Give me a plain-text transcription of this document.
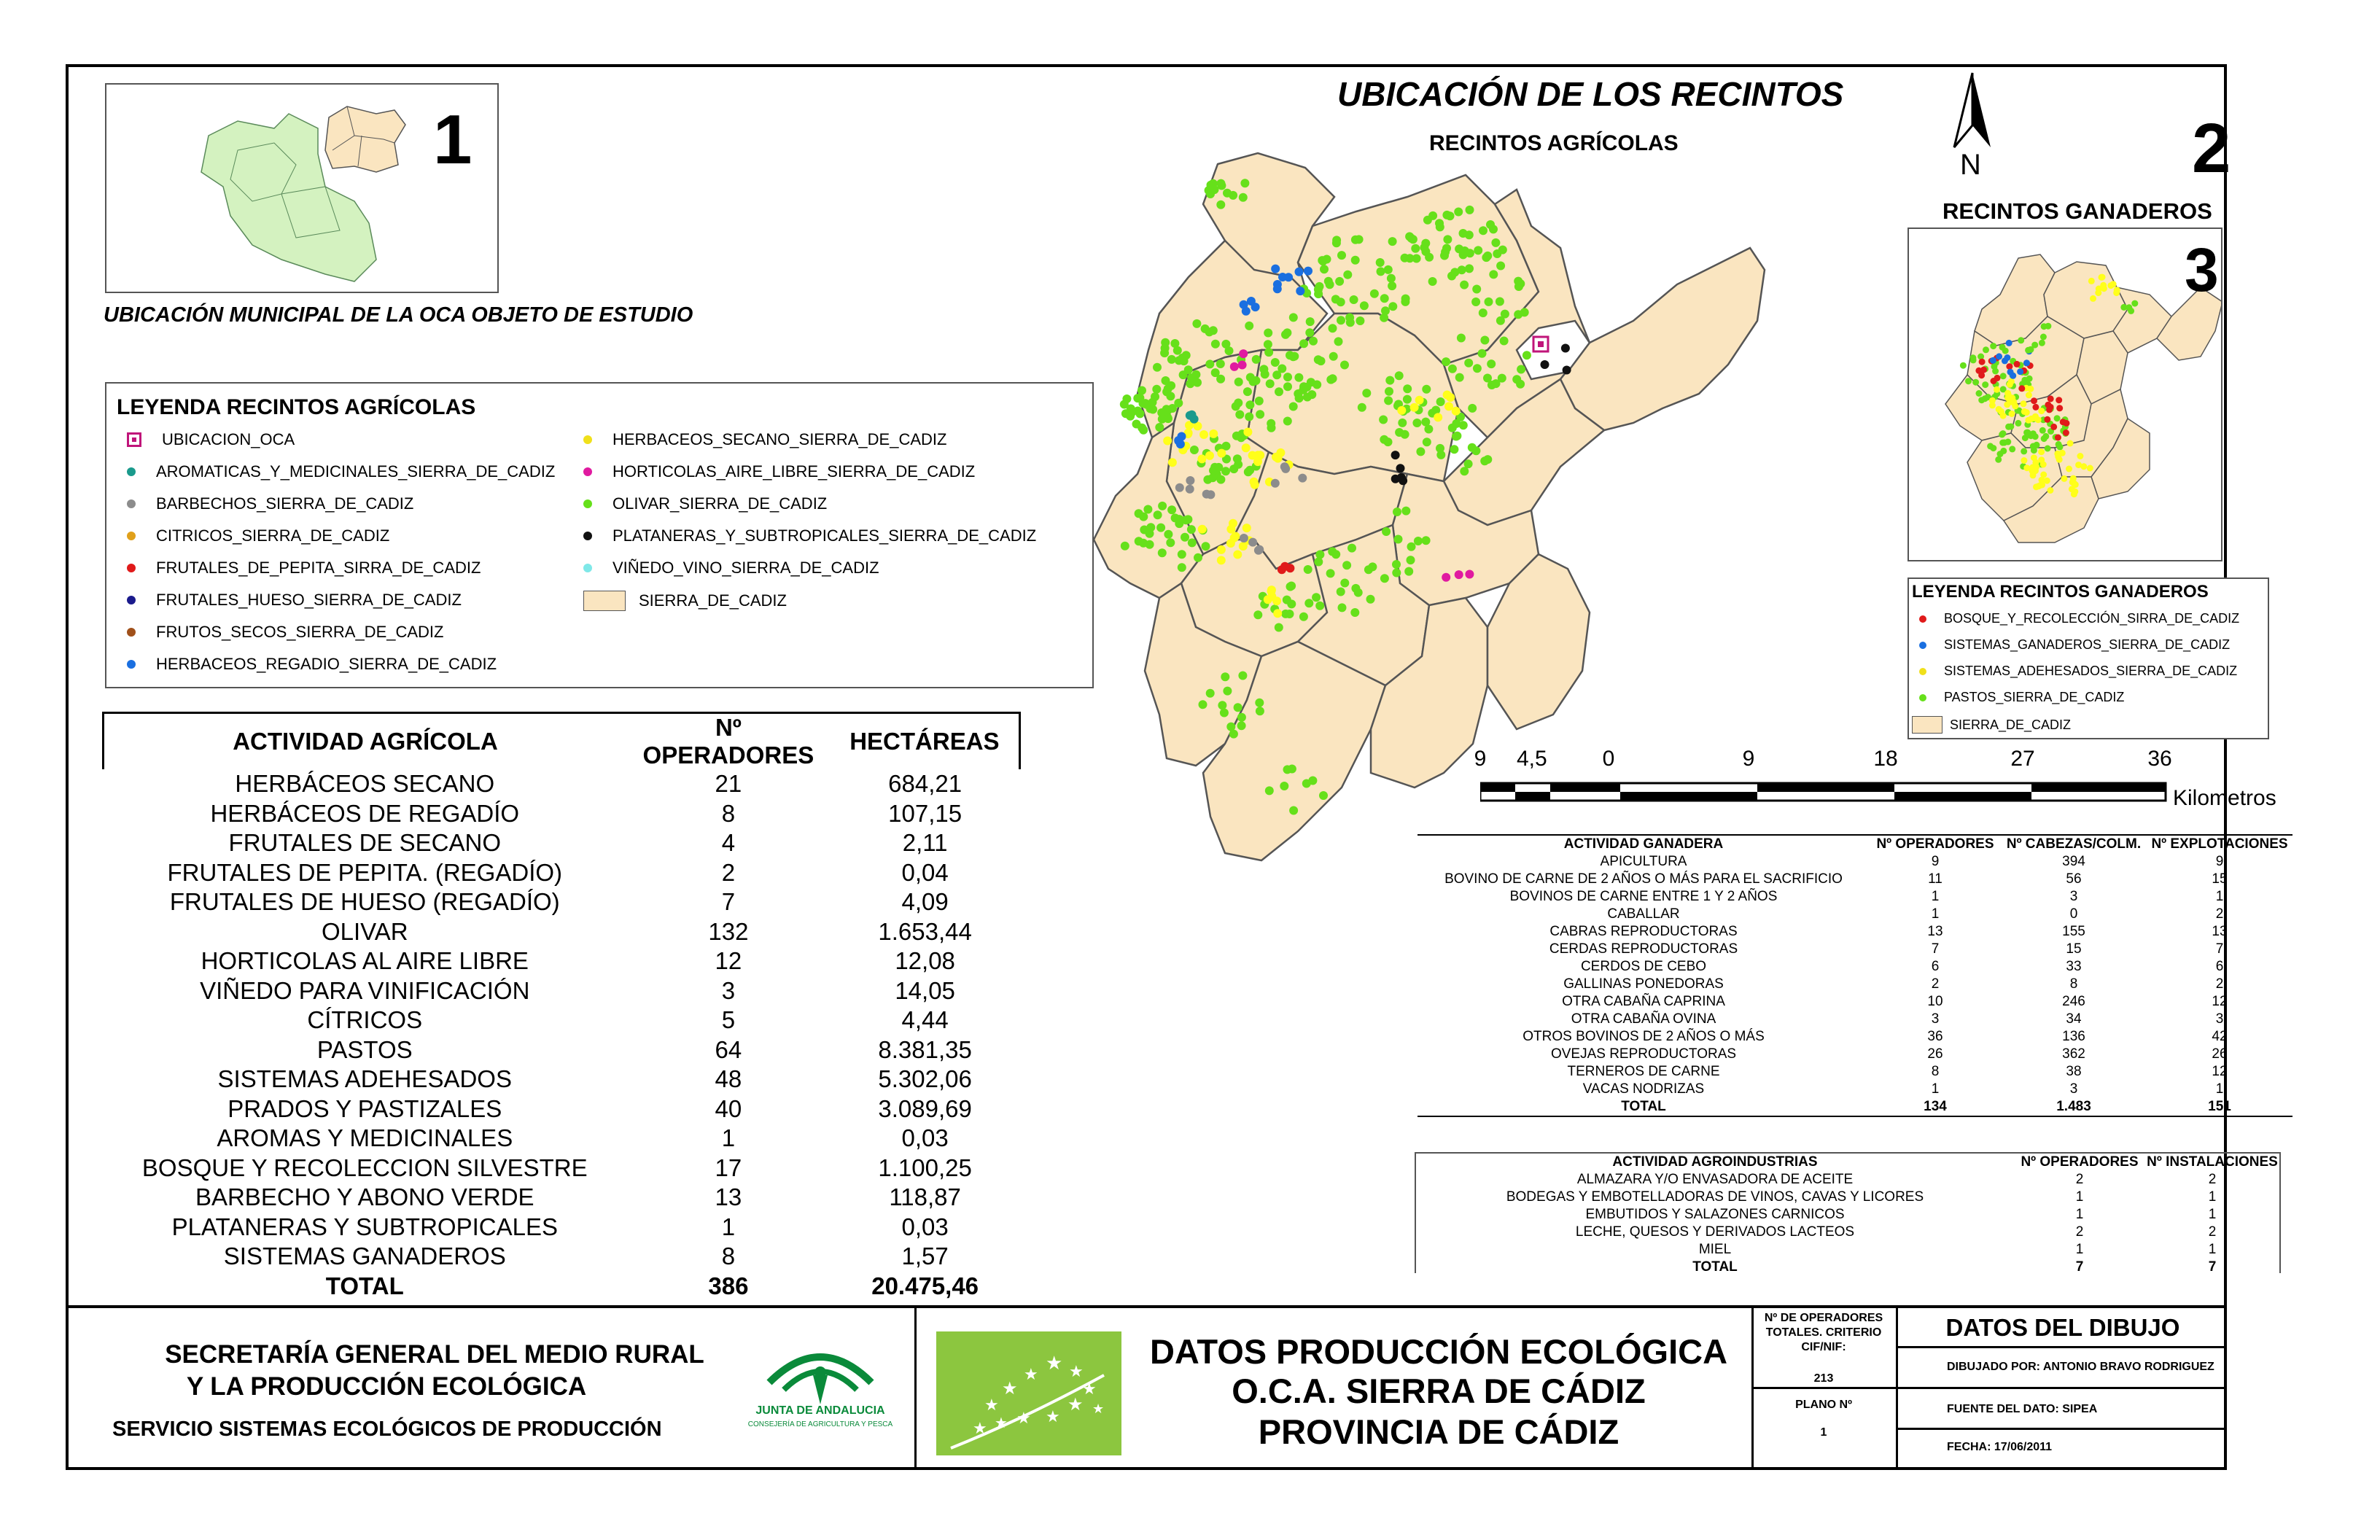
1
UBICACIÓN MUNICIPAL DE LA OCA OBJETO DE ESTUDIO
LEYENDA RECINTOS AGRÍCOLAS
UBICACION_OCA
AROMATICAS_Y_MEDICINALES_SIERRA_DE_CADIZ
BARBECHOS_SIERRA_DE_CADIZ
CITRICOS_SIERRA_DE_CADIZ
FRUTALES_DE_PEPITA_SIRRA_DE_CADIZ
FRUTALES_HUESO_SIERRA_DE_CADIZ
FRUTOS_SECOS_SIERRA_DE_CADIZ
HERBACEOS_REGADIO_SIERRA_DE_CADIZ
HERBACEOS_SECANO_SIERRA_DE_CADIZ
HORTICOLAS_AIRE_LIBRE_SIERRA_DE_CADIZ
OLIVAR_SIERRA_DE_CADIZ
PLATANERAS_Y_SUBTROPICALES_SIERRA_DE_CADIZ
VIÑEDO_VINO_SIERRA_DE_CADIZ
SIERRA_DE_CADIZ
ACTIVIDAD AGRÍCOLA	Nº OPERADORES	HECTÁREAS
HERBÁCEOS SECANO	21	684,21
HERBÁCEOS DE REGADÍO	8	107,15
FRUTALES DE SECANO	4	2,11
FRUTALES DE PEPITA. (REGADÍO)	2	0,04
FRUTALES DE HUESO (REGADÍO)	7	4,09
OLIVAR	132	1.653,44
HORTICOLAS AL AIRE LIBRE	12	12,08
VIÑEDO PARA VINIFICACIÓN	3	14,05
CÍTRICOS	5	4,44
PASTOS	64	8.381,35
SISTEMAS ADEHESADOS	48	5.302,06
PRADOS Y PASTIZALES	40	3.089,69
AROMAS Y MEDICINALES	1	0,03
BOSQUE Y RECOLECCION SILVESTRE	17	1.100,25
BARBECHO Y ABONO VERDE	13	118,87
PLATANERAS Y SUBTROPICALES	1	0,03
SISTEMAS GANADEROS	8	1,57
TOTAL	386	20.475,46
UBICACIÓN DE LOS RECINTOS
RECINTOS AGRÍCOLAS
N	2
RECINTOS GANADEROS
3
LEYENDA RECINTOS GANADEROS
BOSQUE_Y_RECOLECCIÓN_SIRRA_DE_CADIZ
SISTEMAS_GANADEROS_SIERRA_DE_CADIZ
SISTEMAS_ADEHESADOS_SIERRA_DE_CADIZ
PASTOS_SIERRA_DE_CADIZ
SIERRA_DE_CADIZ
9	4,5	0	9	18	27	36
Kilometros
ACTIVIDAD GANADERA	Nº OPERADORES	Nº CABEZAS/COLM.	Nº EXPLOTACIONES
APICULTURA	9	394	9
BOVINO DE CARNE DE 2 AÑOS O MÁS PARA EL SACRIFICIO	11	56	15
BOVINOS DE CARNE ENTRE 1 Y 2 AÑOS	1	3	1
CABALLAR	1	0	2
CABRAS REPRODUCTORAS	13	155	13
CERDAS REPRODUCTORAS	7	15	7
CERDOS DE CEBO	6	33	6
GALLINAS PONEDORAS	2	8	2
OTRA CABAÑA CAPRINA	10	246	12
OTRA CABAÑA OVINA	3	34	3
OTROS BOVINOS DE 2 AÑOS O MÁS	36	136	42
OVEJAS REPRODUCTORAS	26	362	26
TERNEROS DE CARNE	8	38	12
VACAS NODRIZAS	1	3	1
TOTAL	134	1.483	151
ACTIVIDAD AGROINDUSTRIAS	Nº OPERADORES	Nº INSTALACIONES
ALMAZARA Y/O ENVASADORA DE ACEITE	2	2
BODEGAS Y EMBOTELLADORAS DE VINOS, CAVAS Y LICORES	1	1
EMBUTIDOS Y SALAZONES CARNICOS	1	1
LECHE, QUESOS Y DERIVADOS LACTEOS	2	2
MIEL	1	1
TOTAL	7	7
SECRETARÍA GENERAL DEL MEDIO RURAL
Y LA PRODUCCIÓN ECOLÓGICA
SERVICIO SISTEMAS ECOLÓGICOS DE PRODUCCIÓN
JUNTA DE ANDALUCIA
CONSEJERÍA DE AGRICULTURA Y PESCA
★ ★
★
★
★
★
★
★
★
★
★
★
DATOS PRODUCCIÓN ECOLÓGICA
O.C.A. SIERRA DE CÁDIZ
PROVINCIA DE CÁDIZ
Nº DE OPERADORES TOTALES. CRITERIO CIF/NIF:
213
PLANO Nº
1
DATOS DEL DIBUJO
DIBUJADO POR: ANTONIO BRAVO RODRIGUEZ
FUENTE DEL DATO: SIPEA
FECHA: 17/06/2011
